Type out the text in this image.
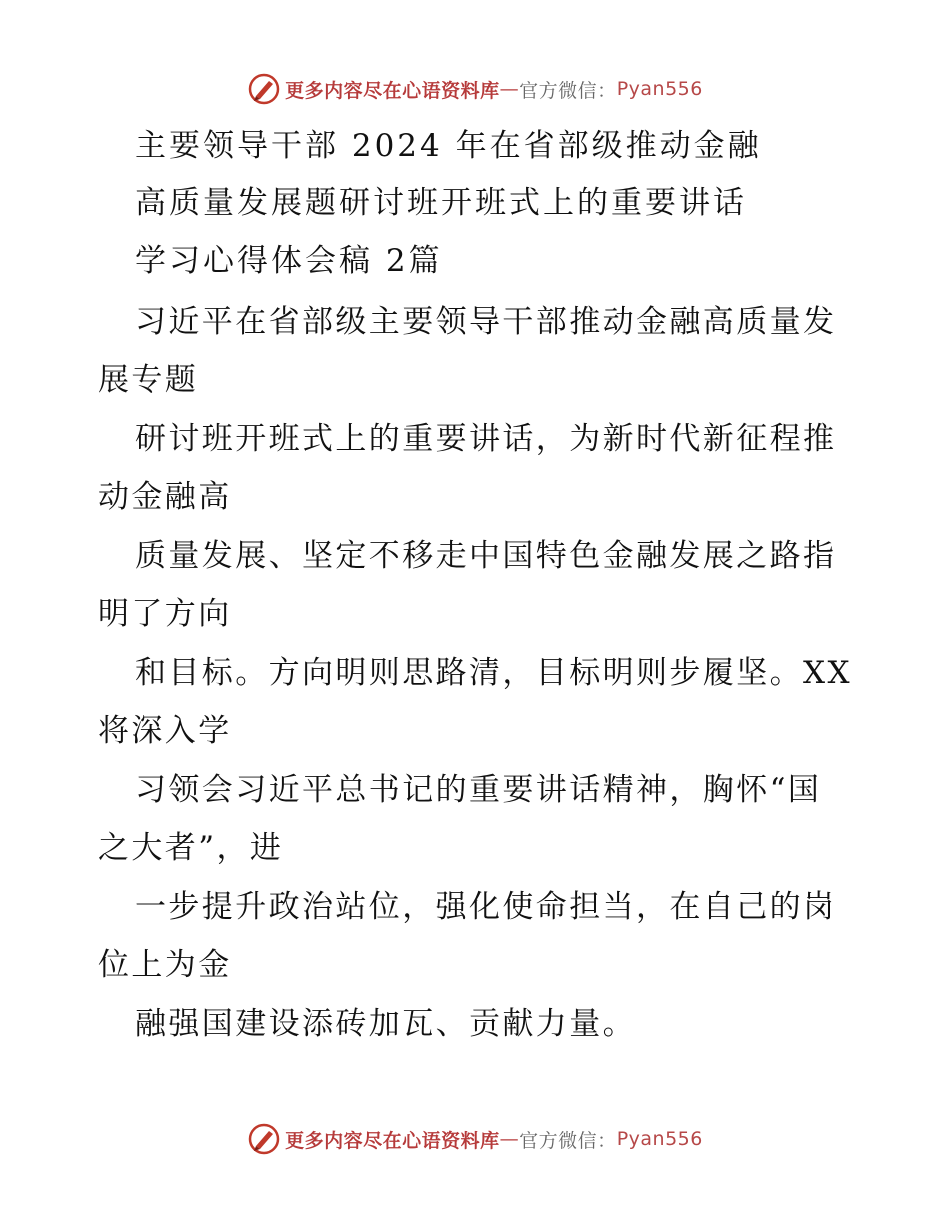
更多内容尽在心语资料库 — 官方微信： Pyan556
主要领导干部 2024 年在省部级推动金融
高质量发展题研讨班开班式上的重要讲话
学习心得体会稿 2篇
习近平在省部级主要领导干部推动金融高质量发
展专题
研讨班开班式上的重要讲话，为新时代新征程推
动金融高
质量发展、坚定不移走中国特色金融发展之路指
明了方向
和目标。方向明则思路清，目标明则步履坚。XX
将深入学
习领会习近平总书记的重要讲话精神，胸怀“国
之大者”，进
一步提升政治站位，强化使命担当，在自己的岗
位上为金
融强国建设添砖加瓦、贡献力量。
更多内容尽在心语资料库 — 官方微信： Pyan556
